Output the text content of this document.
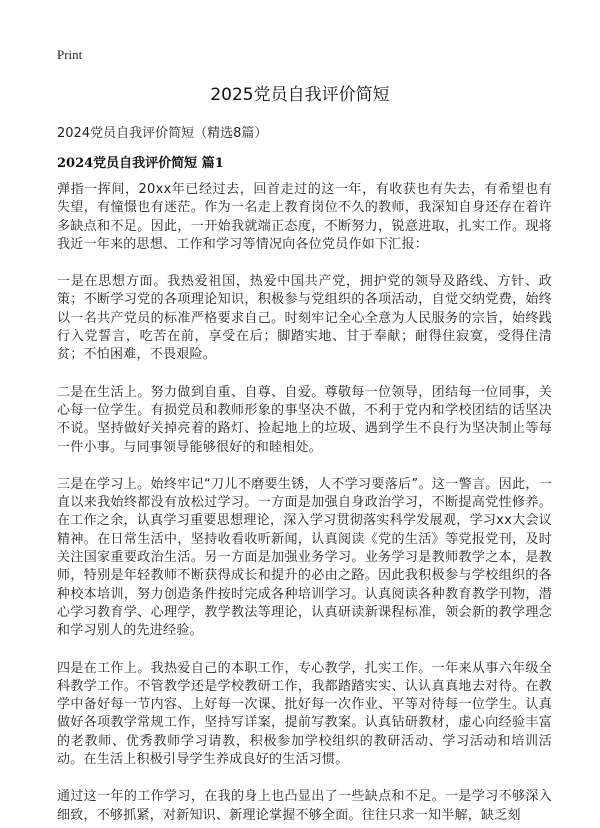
Print
2025党员自我评价简短
2024党员自我评价简短（精选8篇）
2024党员自我评价简短 篇1

弹指一挥间，20xx年已经过去，回首走过的这一年，有收获也有失去，有希望也有失望，有憧憬也有迷茫。作为一名走上教育岗位不久的教师，我深知自身还存在着许多缺点和不足。因此，一开始我就端正态度，不断努力，锐意进取，扎实工作。现将我近一年来的思想、工作和学习等情况向各位党员作如下汇报：

一是在思想方面。我热爱祖国，热爱中国共产党，拥护党的领导及路线、方针、政策；不断学习党的各项理论知识，积极参与党组织的各项活动，自觉交纳党费，始终以一名共产党员的标准严格要求自己。时刻牢记全心全意为人民服务的宗旨，始终践行入党誓言，吃苦在前，享受在后；脚踏实地、甘于奉献；耐得住寂寞，受得住清贫；不怕困难，不畏艰险。

二是在生活上。努力做到自重、自尊、自爱。尊敬每一位领导，团结每一位同事，关心每一位学生。有损党员和教师形象的事坚决不做，不利于党内和学校团结的话坚决不说。坚持做好关掉亮着的路灯、捡起地上的垃圾、遇到学生不良行为坚决制止等每一件小事。与同事领导能够很好的和睦相处。

三是在学习上。始终牢记“刀儿不磨要生锈，人不学习要落后”。这一警言。因此，一直以来我始终都没有放松过学习。一方面是加强自身政治学习，不断提高党性修养。在工作之余，认真学习重要思想理论，深入学习贯彻落实科学发展观，学习xx大会议精神。在日常生活中，坚持收看收听新闻，认真阅读《党的生活》等党报党刊，及时关注国家重要政治生活。另一方面是加强业务学习。业务学习是教师教学之本，是教师，特别是年轻教师不断获得成长和提升的必由之路。因此我积极参与学校组织的各种校本培训，努力创造条件按时完成各种培训学习。认真阅读各种教育教学刊物，潜心学习教育学、心理学，教学教法等理论，认真研读新课程标准，领会新的教学理念和学习别人的先进经验。

四是在工作上。我热爱自己的本职工作，专心教学，扎实工作。一年来从事六年级全科教学工作。不管教学还是学校教研工作，我都踏踏实实、认认真真地去对待。在教学中备好每一节内容、上好每一次课、批好每一次作业、平等对待每一位学生。认真做好各项教学常规工作，坚持写详案，提前写教案。认真钻研教材，虚心向经验丰富的老教师、优秀教师学习请教，积极参加学校组织的教研活动、学习活动和培训活动。在生活上积极引导学生养成良好的生活习惯。

通过这一年的工作学习，在我的身上也凸显出了一些缺点和不足。一是学习不够深入细致，不够抓紧，对新知识、新理论掌握不够全面。往往只求一知半解，缺乏刻
